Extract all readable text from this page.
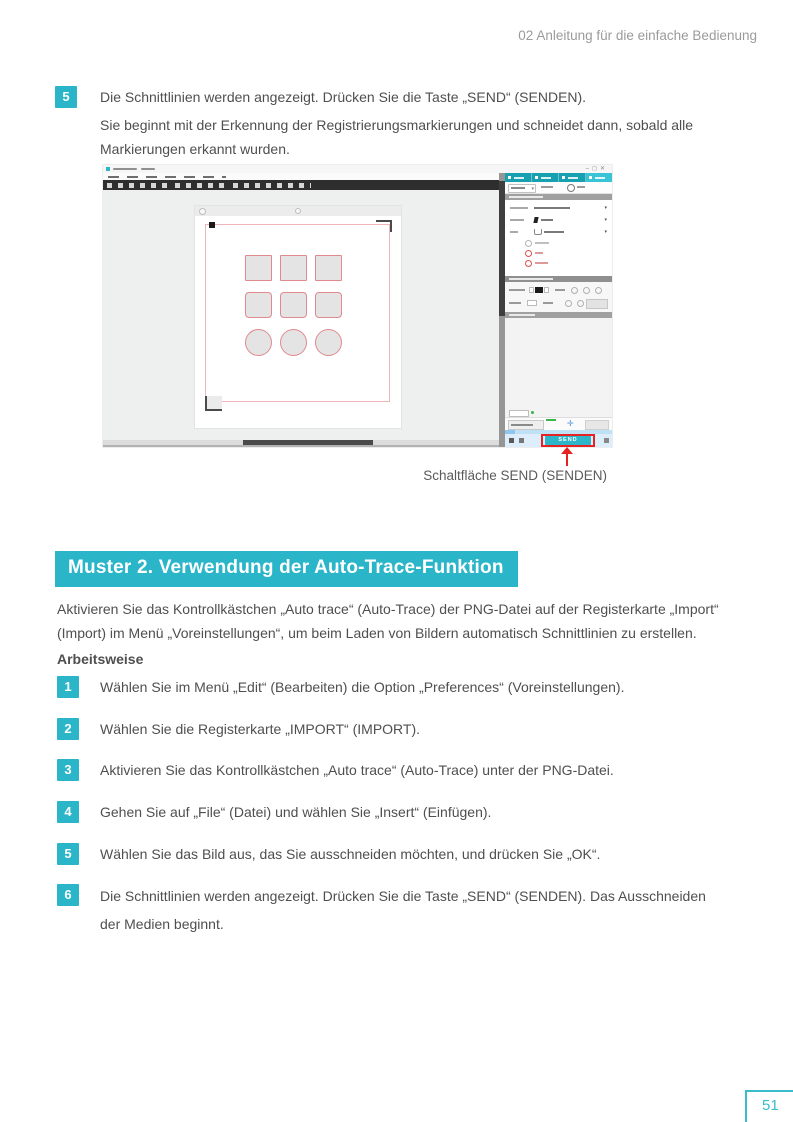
02 Anleitung für die einfache Bedienung
5	Die Schnittlinien werden angezeigt. Drücken Sie die Taste „SEND“ (SENDEN).
Sie beginnt mit der Erkennung der Registrierungsmarkierungen und schneidet dann, sobald alle Markierungen erkannt wurden.
–◻✕
▾
▾
▾
▾
✛
SEND
Schaltfläche SEND (SENDEN)
Muster 2. Verwendung der Auto-Trace-Funktion
Aktivieren Sie das Kontrollkästchen „Auto trace“ (Auto-Trace) der PNG-Datei auf der Registerkarte „Import“ (Import) im Menü „Voreinstellungen“, um beim Laden von Bildern automatisch Schnittlinien zu erstellen.
Arbeitsweise
1	Wählen Sie im Menü „Edit“ (Bearbeiten) die Option „Preferences“ (Voreinstellungen).
2	Wählen Sie die Registerkarte „IMPORT“ (IMPORT).
3	Aktivieren Sie das Kontrollkästchen „Auto trace“ (Auto-Trace) unter der PNG-Datei.
4	Gehen Sie auf „File“ (Datei) und wählen Sie „Insert“ (Einfügen).
5	Wählen Sie das Bild aus, das Sie ausschneiden möchten, und drücken Sie „OK“.
6	Die Schnittlinien werden angezeigt. Drücken Sie die Taste „SEND“ (SENDEN). Das Ausschneiden der Medien beginnt.
51
